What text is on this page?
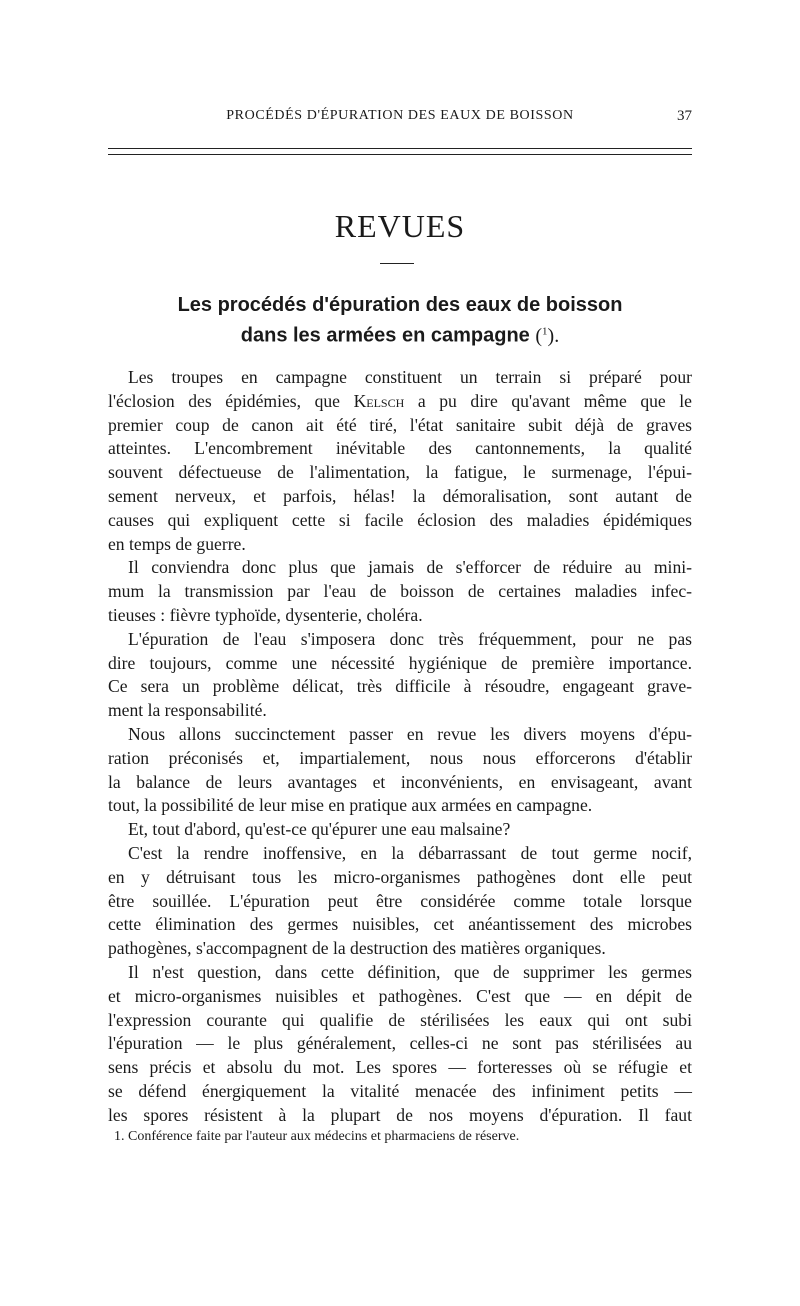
PROCÉDÉS D'ÉPURATION DES EAUX DE BOISSON	37
REVUES
Les procédés d'épuration des eaux de boisson
dans les armées en campagne ($^1$).
Les troupes en campagne constituent un terrain si préparé pour
l'éclosion des épidémies, que Kelsch a pu dire qu'avant même que le
premier coup de canon ait été tiré, l'état sanitaire subit déjà de graves
atteintes. L'encombrement inévitable des cantonnements, la qualité
souvent défectueuse de l'alimentation, la fatigue, le surmenage, l'épui-
sement nerveux, et parfois, hélas! la démoralisation, sont autant de
causes qui expliquent cette si facile éclosion des maladies épidémiques
en temps de guerre.
Il conviendra donc plus que jamais de s'efforcer de réduire au mini-
mum la transmission par l'eau de boisson de certaines maladies infec-
tieuses : fièvre typhoïde, dysenterie, choléra.
L'épuration de l'eau s'imposera donc très fréquemment, pour ne pas
dire toujours, comme une nécessité hygiénique de première importance.
Ce sera un problème délicat, très difficile à résoudre, engageant grave-
ment la responsabilité.
Nous allons succinctement passer en revue les divers moyens d'épu-
ration préconisés et, impartialement, nous nous efforcerons d'établir
la balance de leurs avantages et inconvénients, en envisageant, avant
tout, la possibilité de leur mise en pratique aux armées en campagne.
Et, tout d'abord, qu'est-ce qu'épurer une eau malsaine?
C'est la rendre inoffensive, en la débarrassant de tout germe nocif,
en y détruisant tous les micro-organismes pathogènes dont elle peut
être souillée. L'épuration peut être considérée comme totale lorsque
cette élimination des germes nuisibles, cet anéantissement des microbes
pathogènes, s'accompagnent de la destruction des matières organiques.
Il n'est question, dans cette définition, que de supprimer les germes
et micro-organismes nuisibles et pathogènes. C'est que — en dépit de
l'expression courante qui qualifie de stérilisées les eaux qui ont subi
l'épuration — le plus généralement, celles-ci ne sont pas stérilisées au
sens précis et absolu du mot. Les spores — forteresses où se réfugie et
se défend énergiquement la vitalité menacée des infiniment petits —
les spores résistent à la plupart de nos moyens d'épuration. Il faut
1. Conférence faite par l'auteur aux médecins et pharmaciens de réserve.
